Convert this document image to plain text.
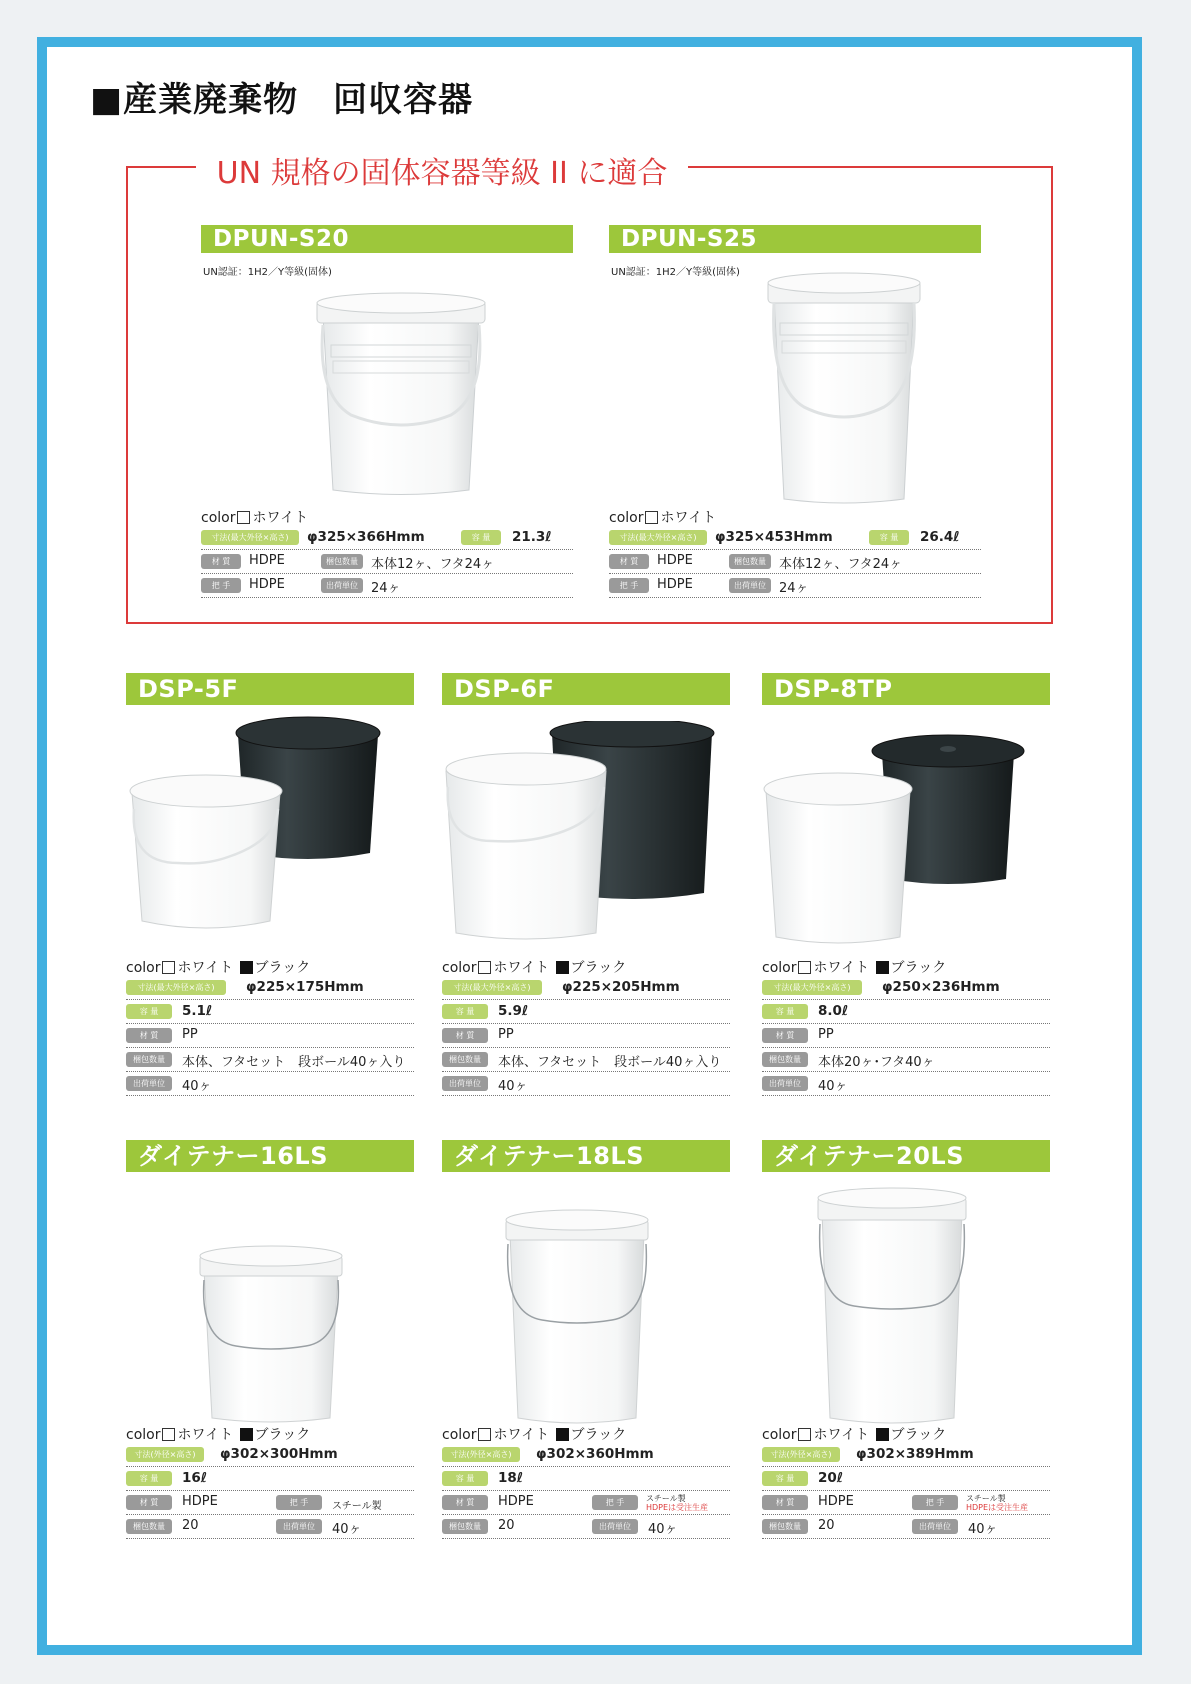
■産業廃棄物　回収容器
UN 規格の固体容器等級 II に適合
DPUN-S20
UN認証：1H2／Y等級(固体)
color ホワイト
寸法(最大外径×高さ)	φ325×366Hmm	容 量	21.3ℓ
材 質	HDPE	梱包数量	本体12ヶ、フタ24ヶ
把 手	HDPE	出荷単位	24ヶ
DPUN-S25
UN認証：1H2／Y等級(固体)
color ホワイト
寸法(最大外径×高さ)	φ325×453Hmm	容 量	26.4ℓ
材 質	HDPE	梱包数量	本体12ヶ、フタ24ヶ
把 手	HDPE	出荷単位	24ヶ
DSP-5F
color ホワイト ブラック
寸法(最大外径×高さ)	φ225×175Hmm
容 量	5.1ℓ
材 質	PP
梱包数量	本体、フタセット　段ボール40ヶ入り
出荷単位	40ヶ
DSP-6F
color ホワイト ブラック
寸法(最大外径×高さ)	φ225×205Hmm
容 量	5.9ℓ
材 質	PP
梱包数量	本体、フタセット　段ボール40ヶ入り
出荷単位	40ヶ
DSP-8TP
color ホワイト ブラック
寸法(最大外径×高さ)	φ250×236Hmm
容 量	8.0ℓ
材 質	PP
梱包数量	本体20ヶ･フタ40ヶ
出荷単位	40ヶ
ダイテナー16LS
color ホワイト ブラック
寸法(外径×高さ)	φ302×300Hmm
容 量	16ℓ
材 質	HDPE	把 手	スチール製
梱包数量	20	出荷単位	40ヶ
ダイテナー18LS
color ホワイト ブラック
寸法(外径×高さ)	φ302×360Hmm
容 量	18ℓ
材 質	HDPE	把 手	スチール製
HDPEは受注生産
梱包数量	20	出荷単位	40ヶ
ダイテナー20LS
color ホワイト ブラック
寸法(外径×高さ)	φ302×389Hmm
容 量	20ℓ
材 質	HDPE	把 手	スチール製
HDPEは受注生産
梱包数量	20	出荷単位	40ヶ
